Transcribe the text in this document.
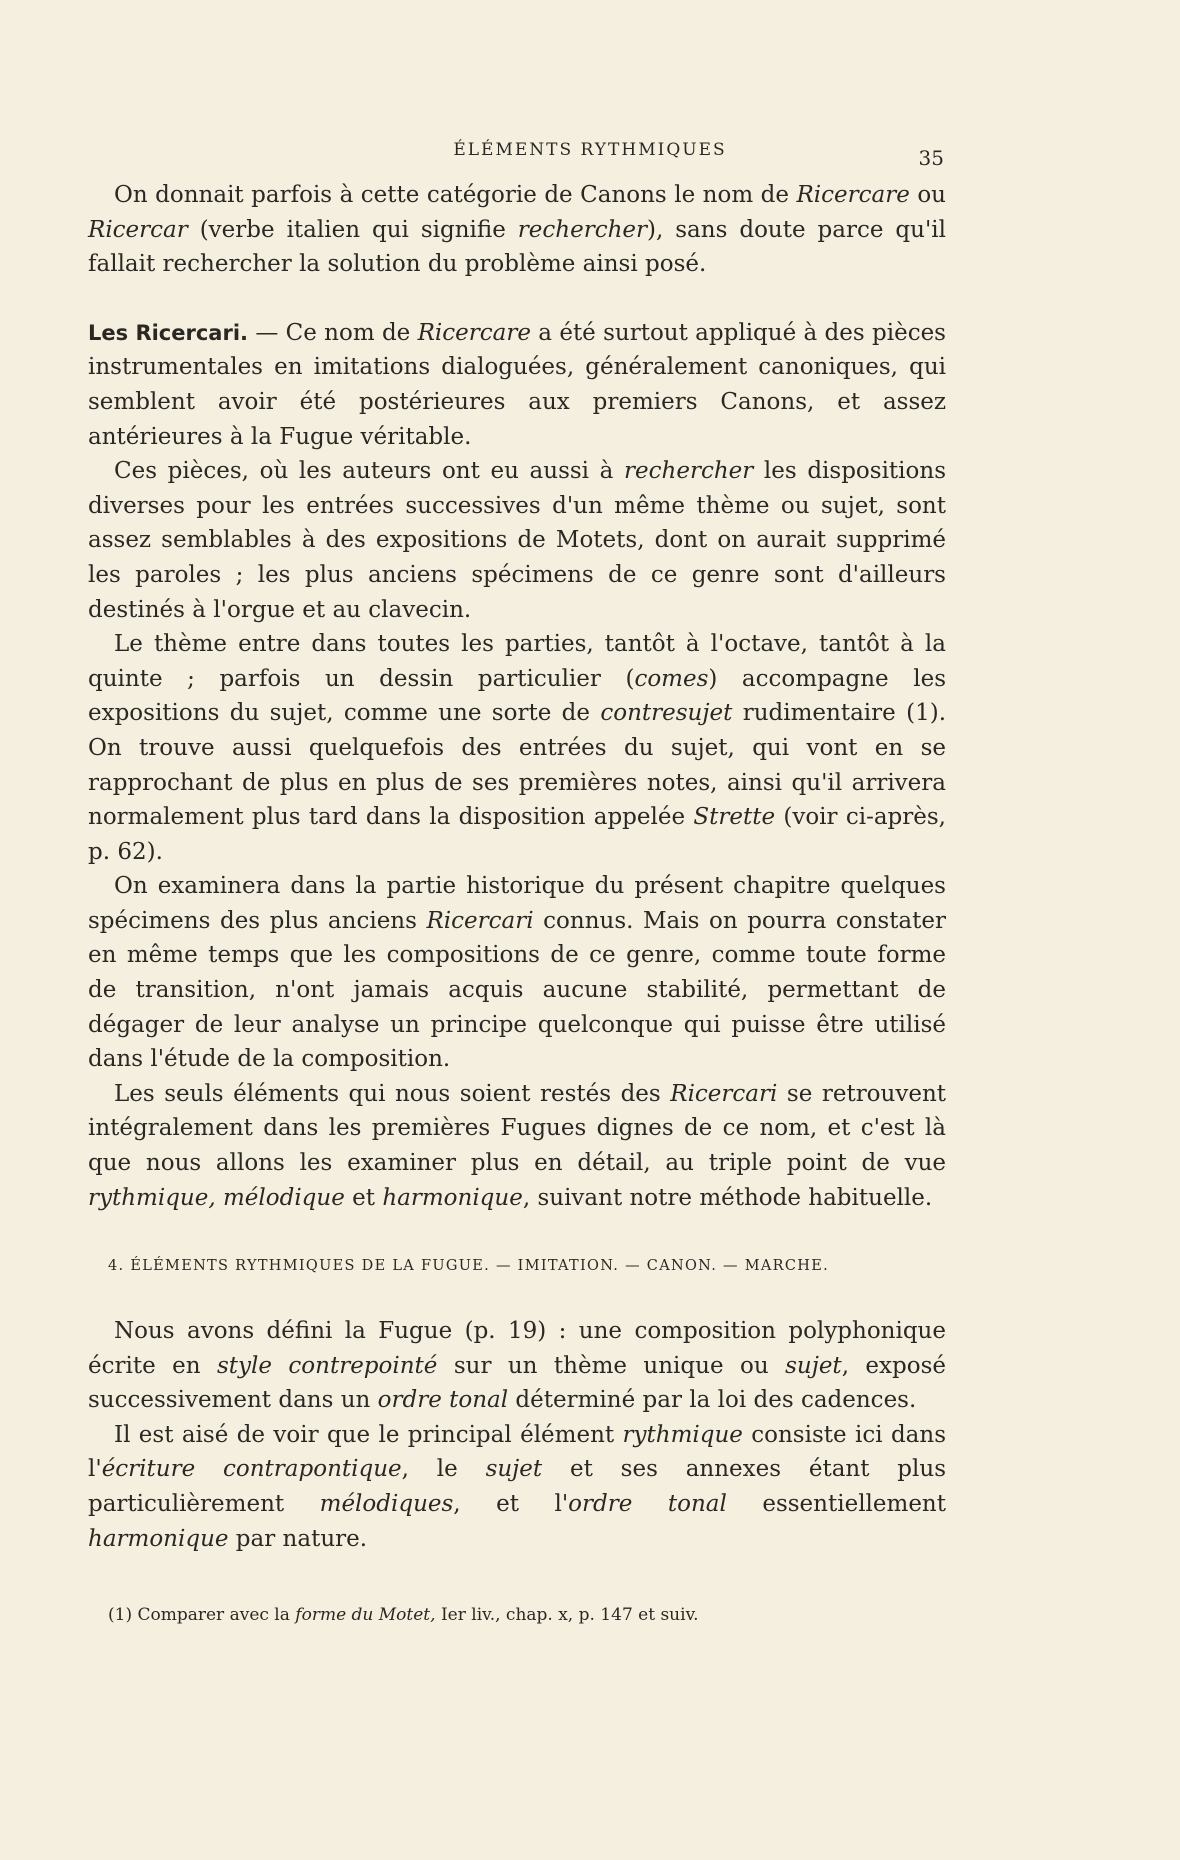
ÉLÉMENTS RYTHMIQUES	35

On donnait parfois à cette catégorie de Canons le nom de Ricercare ou Ricercar (verbe italien qui signifie rechercher), sans doute parce qu'il fallait rechercher la solution du problème ainsi posé.

Les Ricercari. — Ce nom de Ricercare a été surtout appliqué à des pièces instrumentales en imitations dialoguées, généralement canoniques, qui semblent avoir été postérieures aux premiers Canons, et assez antérieures à la Fugue véritable.

Ces pièces, où les auteurs ont eu aussi à rechercher les dispositions diverses pour les entrées successives d'un même thème ou sujet, sont assez semblables à des expositions de Motets, dont on aurait supprimé les paroles ; les plus anciens spécimens de ce genre sont d'ailleurs destinés à l'orgue et au clavecin.

Le thème entre dans toutes les parties, tantôt à l'octave, tantôt à la quinte ; parfois un dessin particulier (comes) accompagne les expositions du sujet, comme une sorte de contresujet rudimentaire (1). On trouve aussi quelquefois des entrées du sujet, qui vont en se rapprochant de plus en plus de ses premières notes, ainsi qu'il arrivera normalement plus tard dans la disposition appelée Strette (voir ci-après, p. 62).

On examinera dans la partie historique du présent chapitre quelques spécimens des plus anciens Ricercari connus. Mais on pourra constater en même temps que les compositions de ce genre, comme toute forme de transition, n'ont jamais acquis aucune stabilité, permettant de dégager de leur analyse un principe quelconque qui puisse être utilisé dans l'étude de la composition.

Les seuls éléments qui nous soient restés des Ricercari se retrouvent intégralement dans les premières Fugues dignes de ce nom, et c'est là que nous allons les examiner plus en détail, au triple point de vue rythmique, mélodique et harmonique, suivant notre méthode habituelle.

4. ÉLÉMENTS RYTHMIQUES DE LA FUGUE. — IMITATION. — CANON. — MARCHE.

Nous avons défini la Fugue (p. 19) : une composition polyphonique écrite en style contrepointé sur un thème unique ou sujet, exposé successivement dans un ordre tonal déterminé par la loi des cadences.

Il est aisé de voir que le principal élément rythmique consiste ici dans l'écriture contrapontique, le sujet et ses annexes étant plus particulièrement mélodiques, et l'ordre tonal essentiellement harmonique par nature.

(1) Comparer avec la forme du Motet, Ier liv., chap. x, p. 147 et suiv.
